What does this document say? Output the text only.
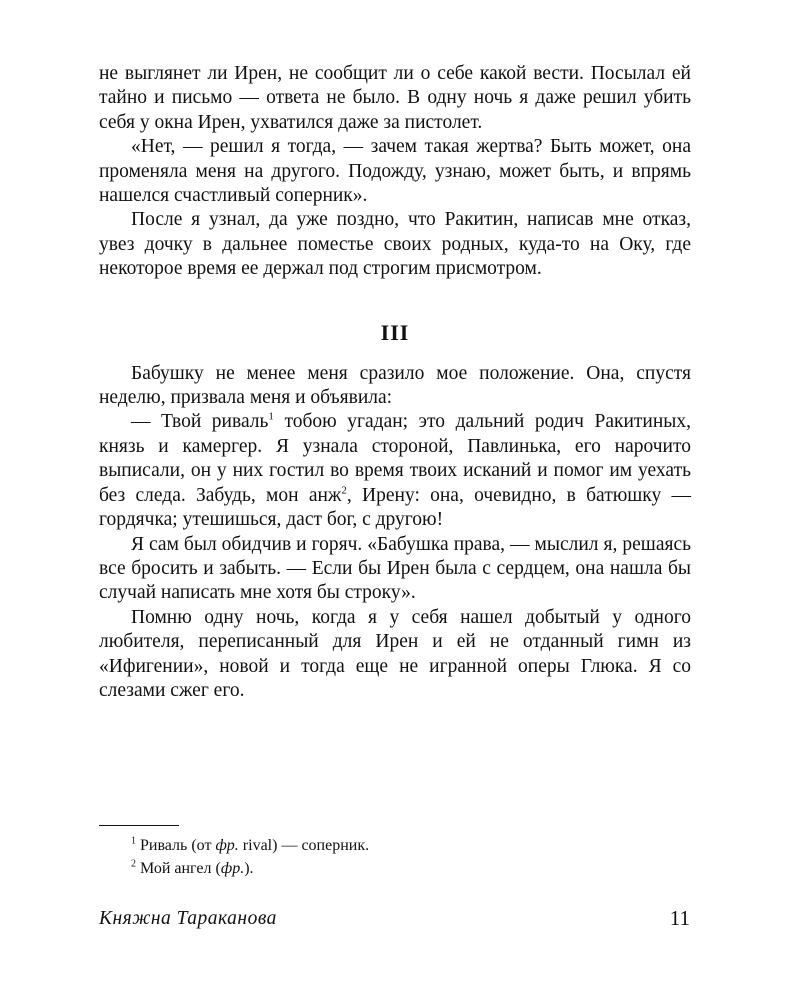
не выглянет ли Ирен, не сообщит ли о себе какой вести. Посылал ей тайно и письмо — ответа не было. В одну ночь я даже решил убить себя у окна Ирен, ухватился даже за пистолет.

«Нет, — решил я тогда, — зачем такая жертва? Быть может, она променяла меня на другого. Подожду, узнаю, может быть, и впрямь нашелся счастливый соперник».

После я узнал, да уже поздно, что Ракитин, написав мне отказ, увез дочку в дальнее поместье своих родных, куда-то на Оку, где некоторое время ее держал под строгим присмотром.

III

Бабушку не менее меня сразило мое положение. Она, спустя неделю, призвала меня и объявила:

— Твой риваль$^1$ тобою угадан; это дальний родич Ракитиных, князь и камергер. Я узнала стороной, Павлинька, его нарочито выписали, он у них гостил во время твоих исканий и помог им уехать без следа. Забудь, мон анж$^2$, Ирену: она, очевидно, в батюшку — гордячка; утешишься, даст бог, с другою!

Я сам был обидчив и горяч. «Бабушка права, — мыслил я, решаясь все бросить и забыть. — Если бы Ирен была с сердцем, она нашла бы случай написать мне хотя бы строку».

Помню одну ночь, когда я у себя нашел добытый у одного любителя, переписанный для Ирен и ей не отданный гимн из «Ифигении», новой и тогда еще не игранной оперы Глюка. Я со слезами сжег его.

$^1$ Риваль (от фр. rival) — соперник.

$^2$ Мой ангел (фр.).

Княжна Тараканова	11
